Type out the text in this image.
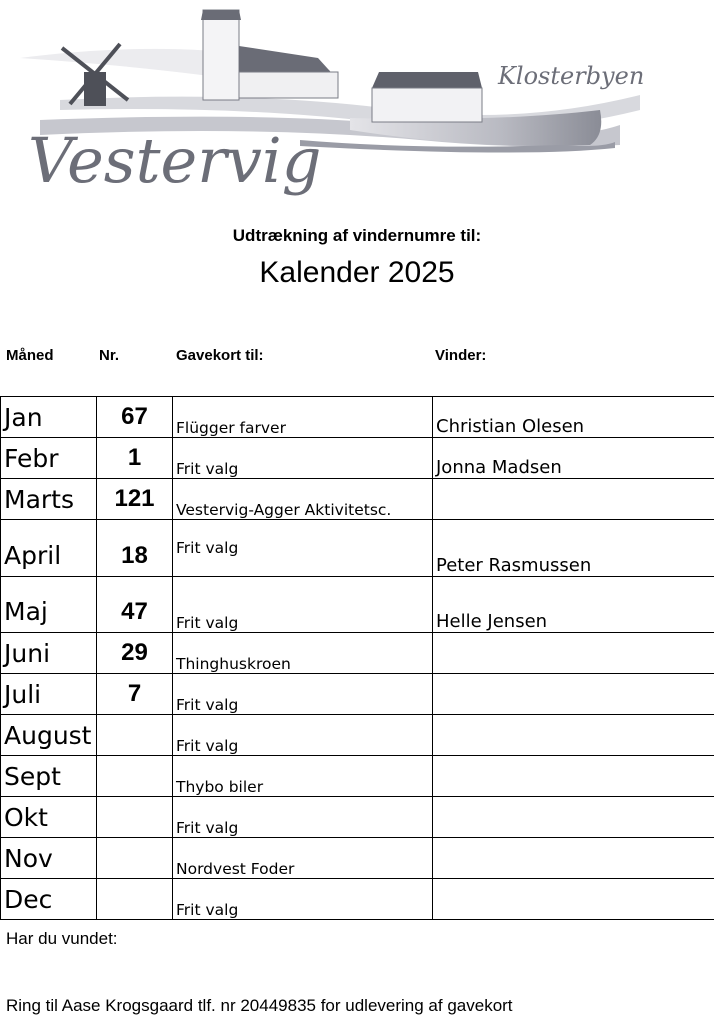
Vestervig
Klosterbyen
Udtrækning af vindernumre til:
Kalender 2025
Måned	Nr.	Gavekort til:	Vinder:
Jan	67	Flügger farver	Christian Olesen
Febr	1	Frit valg	Jonna Madsen
Marts	121	Vestervig-Agger Aktivitetsc.	
April	18	Frit valg	Peter Rasmussen
Maj	47	Frit valg	Helle Jensen
Juni	29	Thinghuskroen	
Juli	7	Frit valg	
August		Frit valg	
Sept		Thybo biler	
Okt		Frit valg	
Nov		Nordvest Foder	
Dec		Frit valg	
Har du vundet:
Ring til Aase Krogsgaard tlf. nr 20449835 for udlevering af gavekort
